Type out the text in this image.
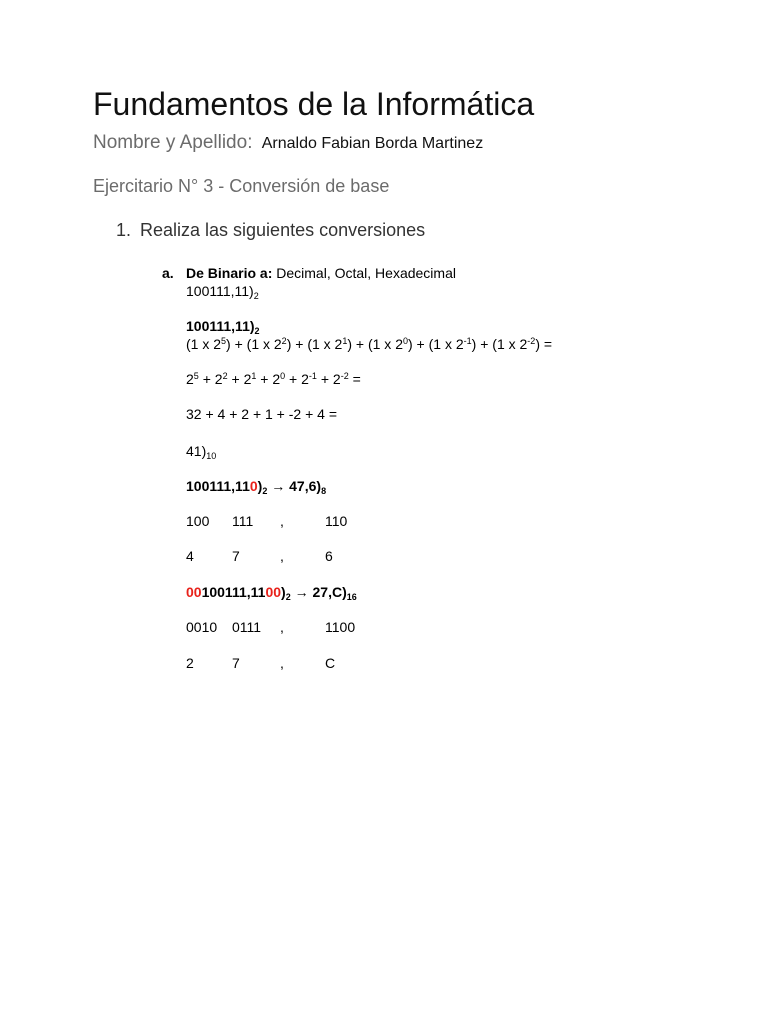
Fundamentos de la Informática
Nombre y Apellido: Arnaldo Fabian Borda Martinez
Ejercitario N° 3 - Conversión de base
1. Realiza las siguientes conversiones
a. De Binario a: Decimal, Octal, Hexadecimal
$100111,11)_2$
$100111,11)_2$
(1 x $2^5) + (1$ x $2^2) + (1$ x $2^1) + (1$ x $2^0) + (1$ x $2^{-1}) + (1$ x $2^{-2}$) =
$2^5 + 2^2 + 2^1 + 2^0 + 2^{-1} + 2^{-2}$ =
32 + 4 + 2 + 1 + -2 + 4 =
$41)_{10}$
$100111,110)_2 \to 47,6)_8$
100 111 ,	110
4	7	,	6
$00100111,1100)_2 \to 27,C)_{16}$
0010 0111 ,	1100
2	7	,	C
